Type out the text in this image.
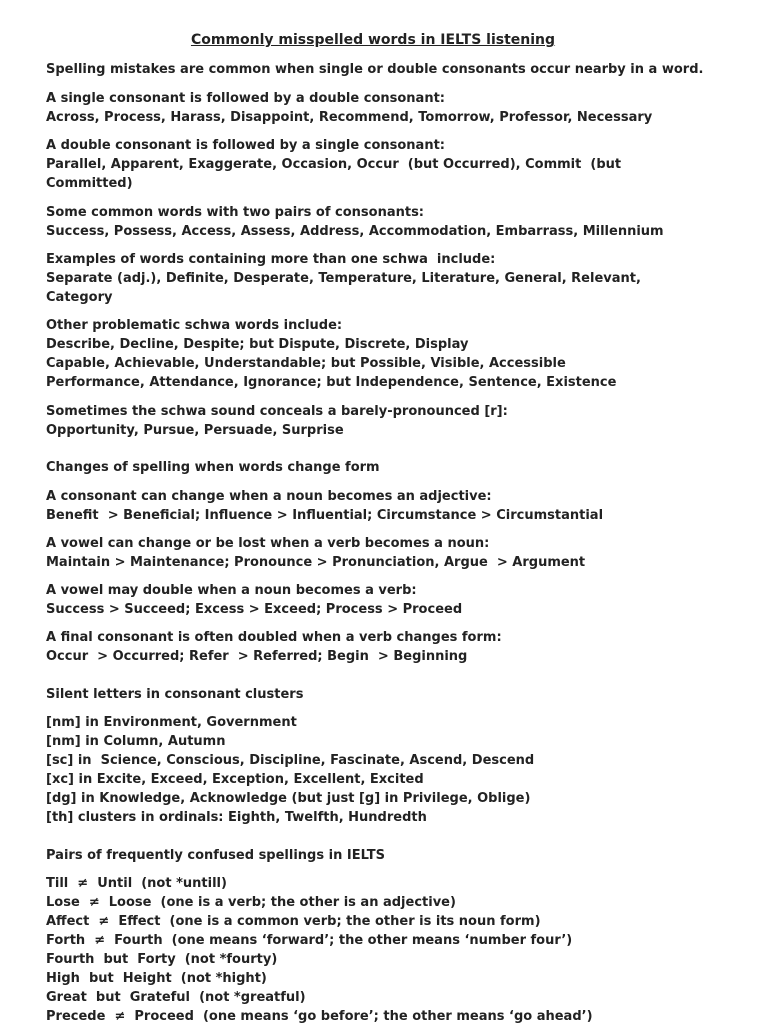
Commonly misspelled words in IELTS listening
Spelling mistakes are common when single or double consonants occur nearby in a word.
A single consonant is followed by a double consonant:
Across, Process, Harass, Disappoint, Recommend, Tomorrow, Professor, Necessary
A double consonant is followed by a single consonant:
Parallel, Apparent, Exaggerate, Occasion, Occur  (but Occurred), Commit  (but
Committed)
Some common words with two pairs of consonants:
Success, Possess, Access, Assess, Address, Accommodation, Embarrass, Millennium
Examples of words containing more than one schwa  include:
Separate (adj.), Definite, Desperate, Temperature, Literature, General, Relevant,
Category
Other problematic schwa words include:
Describe, Decline, Despite; but Dispute, Discrete, Display
Capable, Achievable, Understandable; but Possible, Visible, Accessible
Performance, Attendance, Ignorance; but Independence, Sentence, Existence
Sometimes the schwa sound conceals a barely-pronounced [r]:
Opportunity, Pursue, Persuade, Surprise
Changes of spelling when words change form
A consonant can change when a noun becomes an adjective:
Benefit  > Beneficial; Influence > Influential; Circumstance > Circumstantial
A vowel can change or be lost when a verb becomes a noun:
Maintain > Maintenance; Pronounce > Pronunciation, Argue  > Argument
A vowel may double when a noun becomes a verb:
Success > Succeed; Excess > Exceed; Process > Proceed
A final consonant is often doubled when a verb changes form:
Occur  > Occurred; Refer  > Referred; Begin  > Beginning
Silent letters in consonant clusters
[nm] in Environment, Government
[nm] in Column, Autumn
[sc] in  Science, Conscious, Discipline, Fascinate, Ascend, Descend
[xc] in Excite, Exceed, Exception, Excellent, Excited
[dg] in Knowledge, Acknowledge (but just [g] in Privilege, Oblige)
[th] clusters in ordinals: Eighth, Twelfth, Hundredth
Pairs of frequently confused spellings in IELTS
Till  ≠  Until  (not *untill)
Lose  ≠  Loose  (one is a verb; the other is an adjective)
Affect  ≠  Effect  (one is a common verb; the other is its noun form)
Forth  ≠  Fourth  (one means ‘forward’; the other means ‘number four’)
Fourth  but  Forty  (not *fourty)
High  but  Height  (not *hight)
Great  but  Grateful  (not *greatful)
Precede  ≠  Proceed  (one means ‘go before’; the other means ‘go ahead’)
